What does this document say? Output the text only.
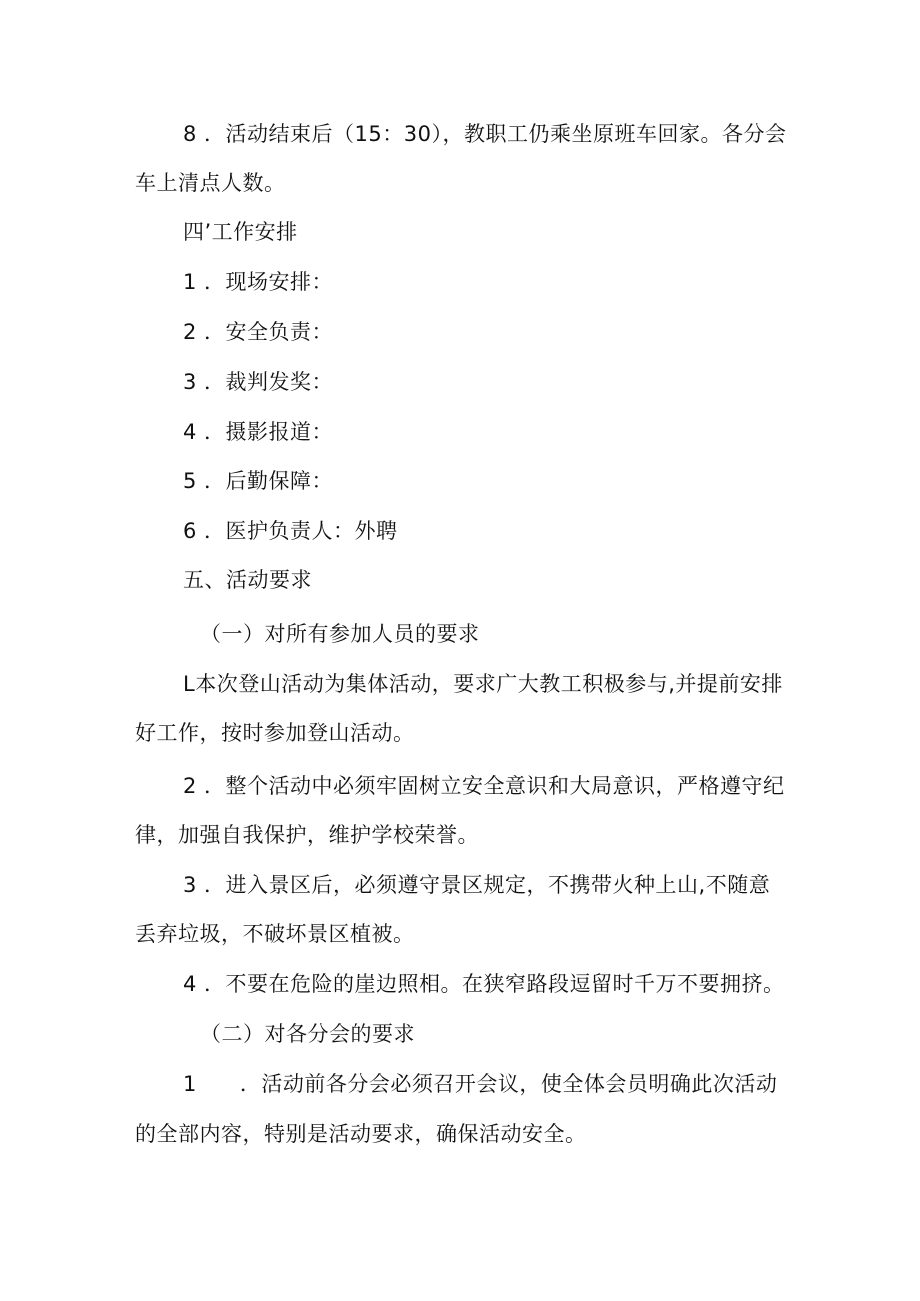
8 ．活动结束后（15：30），教职工仍乘坐原班车回家。各分会
车上清点人数。
四’工作安排
1 ．现场安排：
2 ．安全负责：
3 ．裁判发奖：
4 ．摄影报道：
5 ．后勤保障：
6 ．医护负责人：外聘
五、活动要求
（一）对所有参加人员的要求
L本次登山活动为集体活动，要求广大教工积极参与,并提前安排
好工作，按时参加登山活动。
2 ．整个活动中必须牢固树立安全意识和大局意识，严格遵守纪
律，加强自我保护，维护学校荣誉。
3 ．进入景区后，必须遵守景区规定，不携带火种上山,不随意
丢弃垃圾，不破坏景区植被。
4 ．不要在危险的崖边照相。在狭窄路段逗留时千万不要拥挤。
（二）对各分会的要求
1　　．活动前各分会必须召开会议，使全体会员明确此次活动
的全部内容，特别是活动要求，确保活动安全。
